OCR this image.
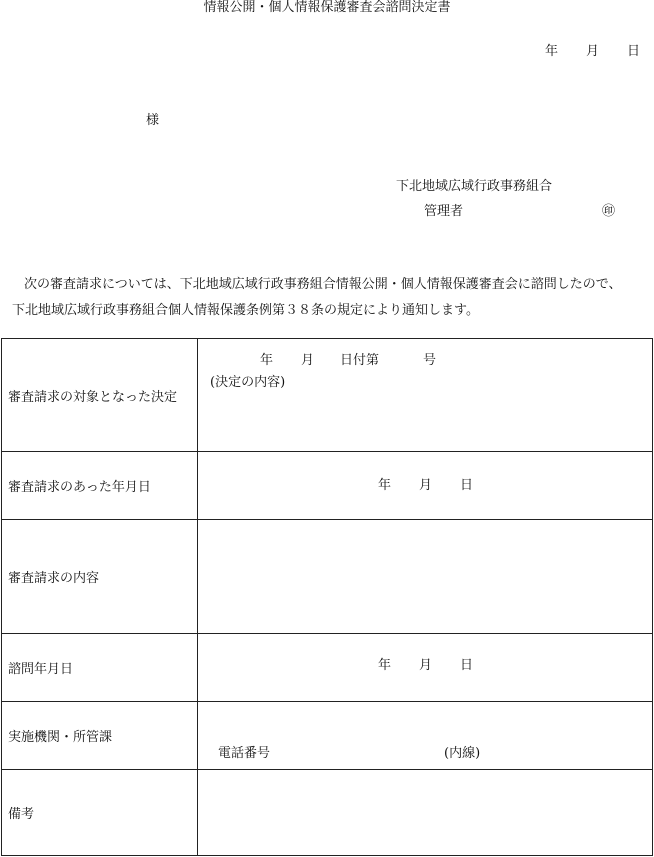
情報公開・個人情報保護審査会諮問決定書
年 月 日
様
下北地域広域行政事務組合
管理者	㊞
次の審査請求については、下北地域広域行政事務組合情報公開・個人情報保護審査会に諮問したので、
下北地域広域行政事務組合個人情報保護条例第３８条の規定により通知します。
審査請求の対象となった決定	年 月 日付第 号
(決定の内容)

審査請求のあった年月日	年 月 日

審査請求の内容	
諮問年月日	年 月 日

実施機関・所管課	電話番号 (内線)

備考	
